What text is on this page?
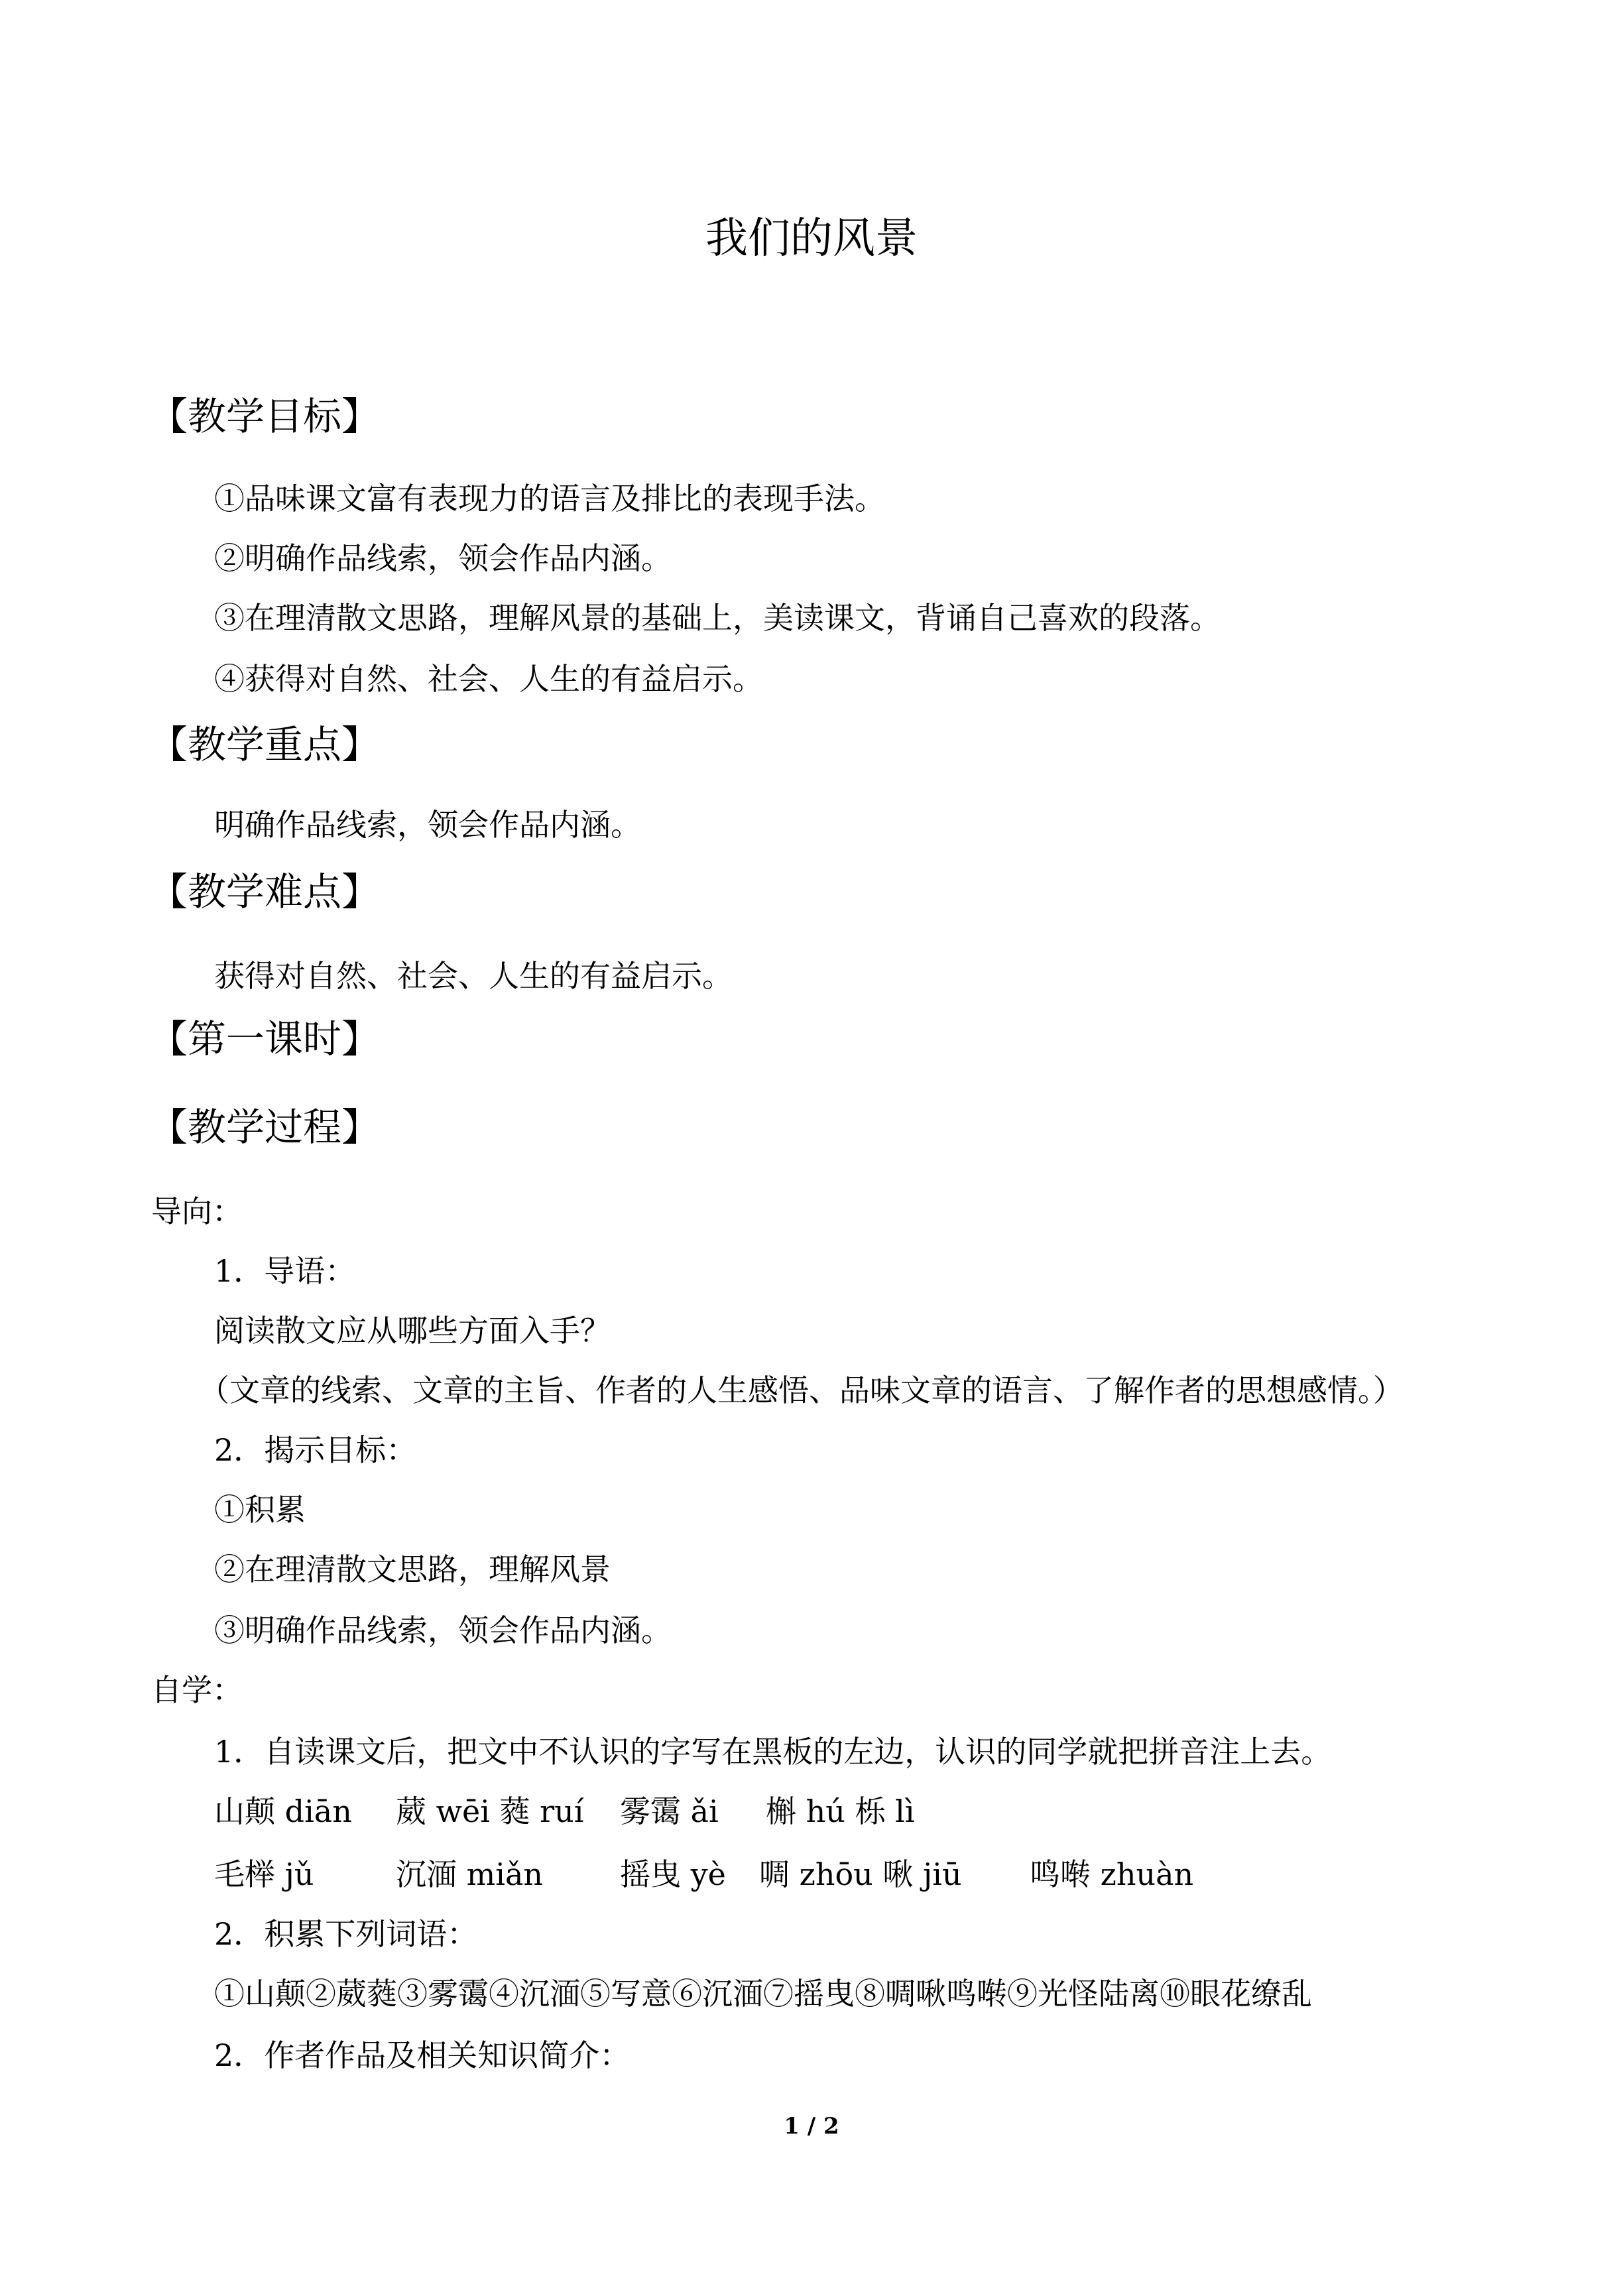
我们的风景
【教学目标】
①品味课文富有表现力的语言及排比的表现手法。
②明确作品线索，领会作品内涵。
③在理清散文思路，理解风景的基础上，美读课文，背诵自己喜欢的段落。
④获得对自然、社会、人生的有益启示。
【教学重点】
明确作品线索，领会作品内涵。
【教学难点】
获得对自然、社会、人生的有益启示。
【第一课时】
【教学过程】
导向：
1．导语：
阅读散文应从哪些方面入手？
（文章的线索、文章的主旨、作者的人生感悟、品味文章的语言、了解作者的思想感情。）
2．揭示目标：
①积累
②在理清散文思路，理解风景
③明确作品线索，领会作品内涵。
自学：
1．自读课文后，把文中不认识的字写在黑板的左边，认识的同学就把拼音注上去。
山颠 diān 葳 wēi 蕤 ruí 雾霭 ǎi 槲 hú 栎 lì
毛榉 jǔ	沉湎 miǎn	摇曳 yè 啁 zhōu 啾 jiū 鸣啭 zhuàn
2．积累下列词语：
①山颠②葳蕤③雾霭④沉湎⑤写意⑥沉湎⑦摇曳⑧啁啾鸣啭⑨光怪陆离⑩眼花缭乱
2．作者作品及相关知识简介：
1 / 2
